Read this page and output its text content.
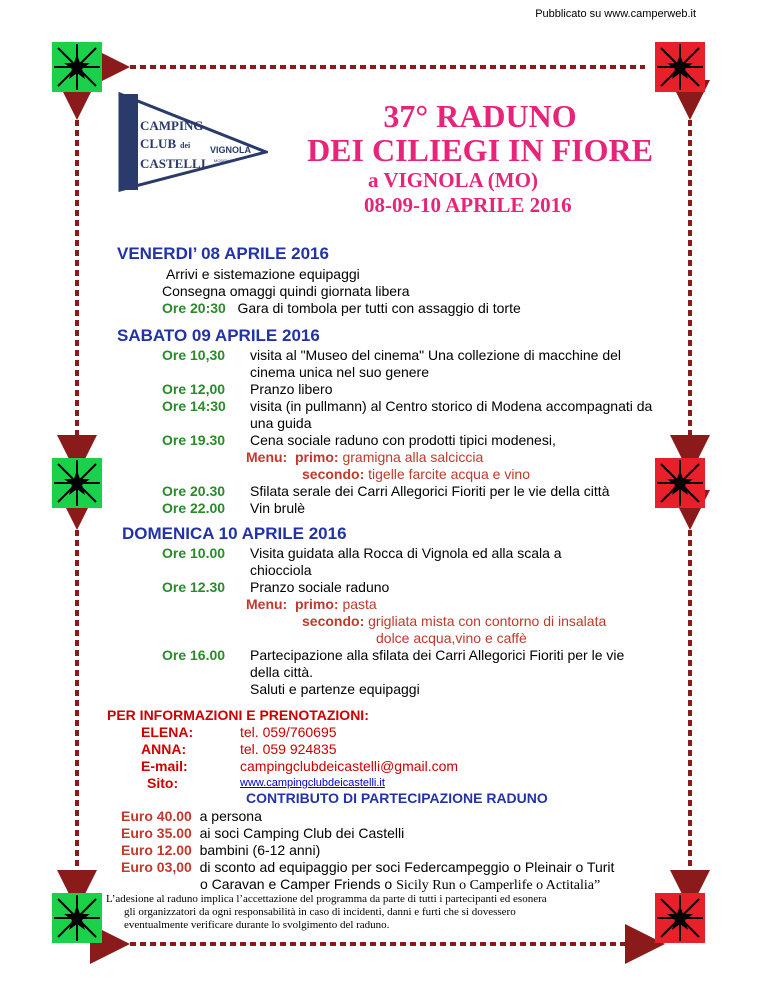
Pubblicato su www.camperweb.it
CAMPING
CLUB dei
CASTELLI
VIGNOLA
MODENA
37° RADUNO
DEI CILIEGI IN FIORE
a VIGNOLA (MO)
08-09-10 APRILE 2016
VENERDI’ 08 APRILE 2016
Arrivi e sistemazione equipaggi
Consegna omaggi quindi giornata libera
Ore 20:30 Gara di tombola per tutti con assaggio di torte
SABATO 09 APRILE 2016
Ore 10,30 visita al "Museo del cinema" Una collezione di macchine del cinema unica nel suo genere
Ore 12,00 Pranzo libero
Ore 14:30 visita (in pullmann) al Centro storico di Modena accompagnati da una guida
Ore 19.30 Cena sociale raduno con prodotti tipici modenesi,
Menu: primo: gramigna alla salciccia
secondo: tigelle farcite acqua e vino
Ore 20.30 Sfilata serale dei Carri Allegorici Fioriti per le vie della città
Ore 22.00 Vin brulè
DOMENICA 10 APRILE 2016
Ore 10.00 Visita guidata alla Rocca di Vignola ed alla scala a chiocciola
Ore 12.30 Pranzo sociale raduno
Menu: primo: pasta
secondo: grigliata mista con contorno di insalata
dolce acqua,vino e caffè
Ore 16.00 Partecipazione alla sfilata dei Carri Allegorici Fioriti per le vie della città.
Saluti e partenze equipaggi
PER INFORMAZIONI E PRENOTAZIONI:
ELENA:	tel. 059/760695
ANNA:	tel. 059 924835
E-mail:	campingclubdeicastelli@gmail.com
Sito:	www.campingclubdeicastelli.it
CONTRIBUTO DI PARTECIPAZIONE RADUNO
Euro 40.00 a persona
Euro 35.00 ai soci Camping Club dei Castelli
Euro 12.00 bambini (6-12 anni)
Euro 03,00 di sconto ad equipaggio per soci Federcampeggio o Pleinair o Turit
o Caravan e Camper Friends o Sicily Run o Camperlife o Actitalia”
L’adesione al raduno implica l’accettazione del programma da parte di tutti i partecipanti ed esonera
gli organizzatori da ogni responsabilità in caso di incidenti, danni e furti che si dovessero
eventualmente verificare durante lo svolgimento del raduno.
